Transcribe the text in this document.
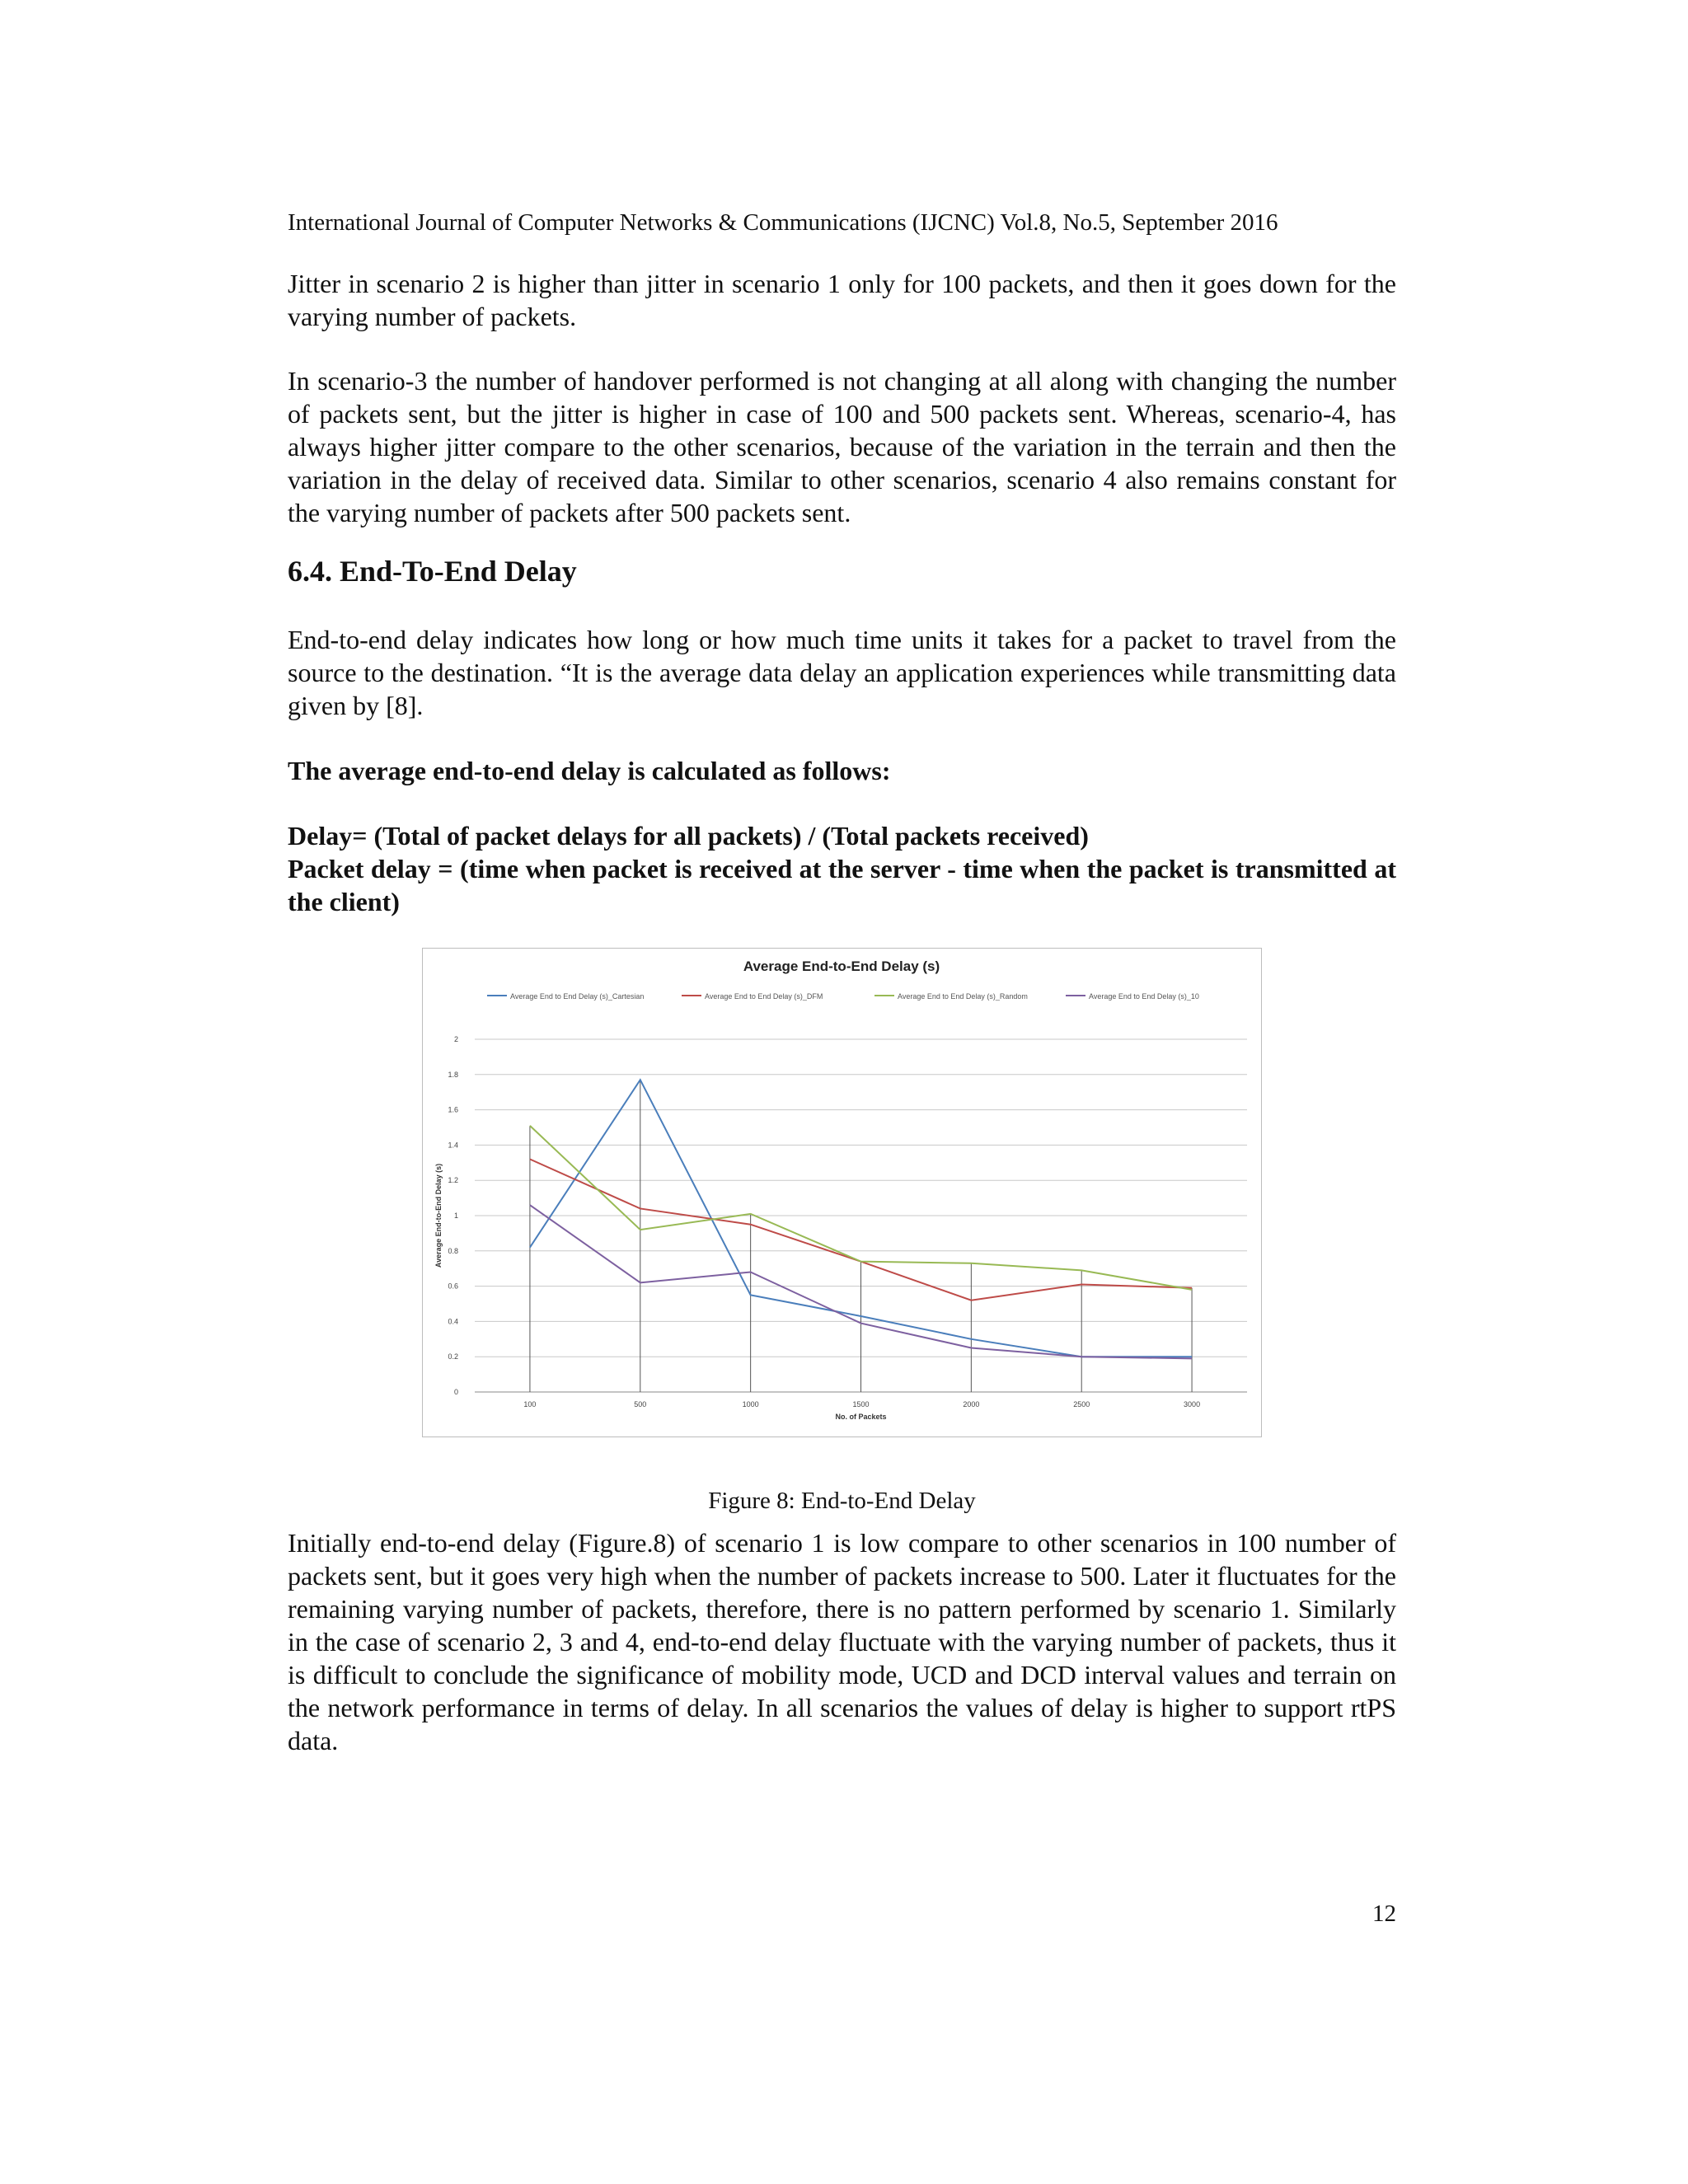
International Journal of Computer Networks & Communications (IJCNC) Vol.8, No.5, September 2016

Jitter in scenario 2 is higher than jitter in scenario 1 only for 100 packets, and then it goes down for the varying number of packets.

In scenario-3 the number of handover performed is not changing at all along with changing the number of packets sent, but the jitter is higher in case of 100 and 500 packets sent. Whereas, scenario-4, has always higher jitter compare to the other scenarios, because of the variation in the terrain and then the variation in the delay of received data. Similar to other scenarios, scenario 4 also remains constant for the varying number of packets after 500 packets sent.

6.4. End-To-End Delay

End-to-end delay indicates how long or how much time units it takes for a packet to travel from the source to the destination. “It is the average data delay an application experiences while transmitting data given by [8].

The average end-to-end delay is calculated as follows:

Delay= (Total of packet delays for all packets) / (Total packets received)

Packet delay = (time when packet is received at the server - time when the packet is transmitted at the client)

Figure 8: End-to-End Delay

Initially end-to-end delay (Figure.8) of scenario 1 is low compare to other scenarios in 100 number of packets sent, but it goes very high when the number of packets increase to 500. Later it fluctuates for the remaining varying number of packets, therefore, there is no pattern performed by scenario 1. Similarly in the case of scenario 2, 3 and 4, end-to-end delay fluctuate with the varying number of packets, thus it is difficult to conclude the significance of mobility mode, UCD and DCD interval values and terrain on the network performance in terms of delay. In all scenarios the values of delay is higher to support rtPS data.

12
Average End-to-End Delay (s)
Average End to End Delay (s)_Cartesian	Average End to End Delay (s)_DFM	Average End to End Delay (s)_Random	Average End to End Delay (s)_10
0
0.2
0.4
0.6
0.8
1
1.2
1.4
1.6
1.8
2
Average End-to-End Delay (s)
100	500	1000	1500	2000	2500	3000
No. of Packets
